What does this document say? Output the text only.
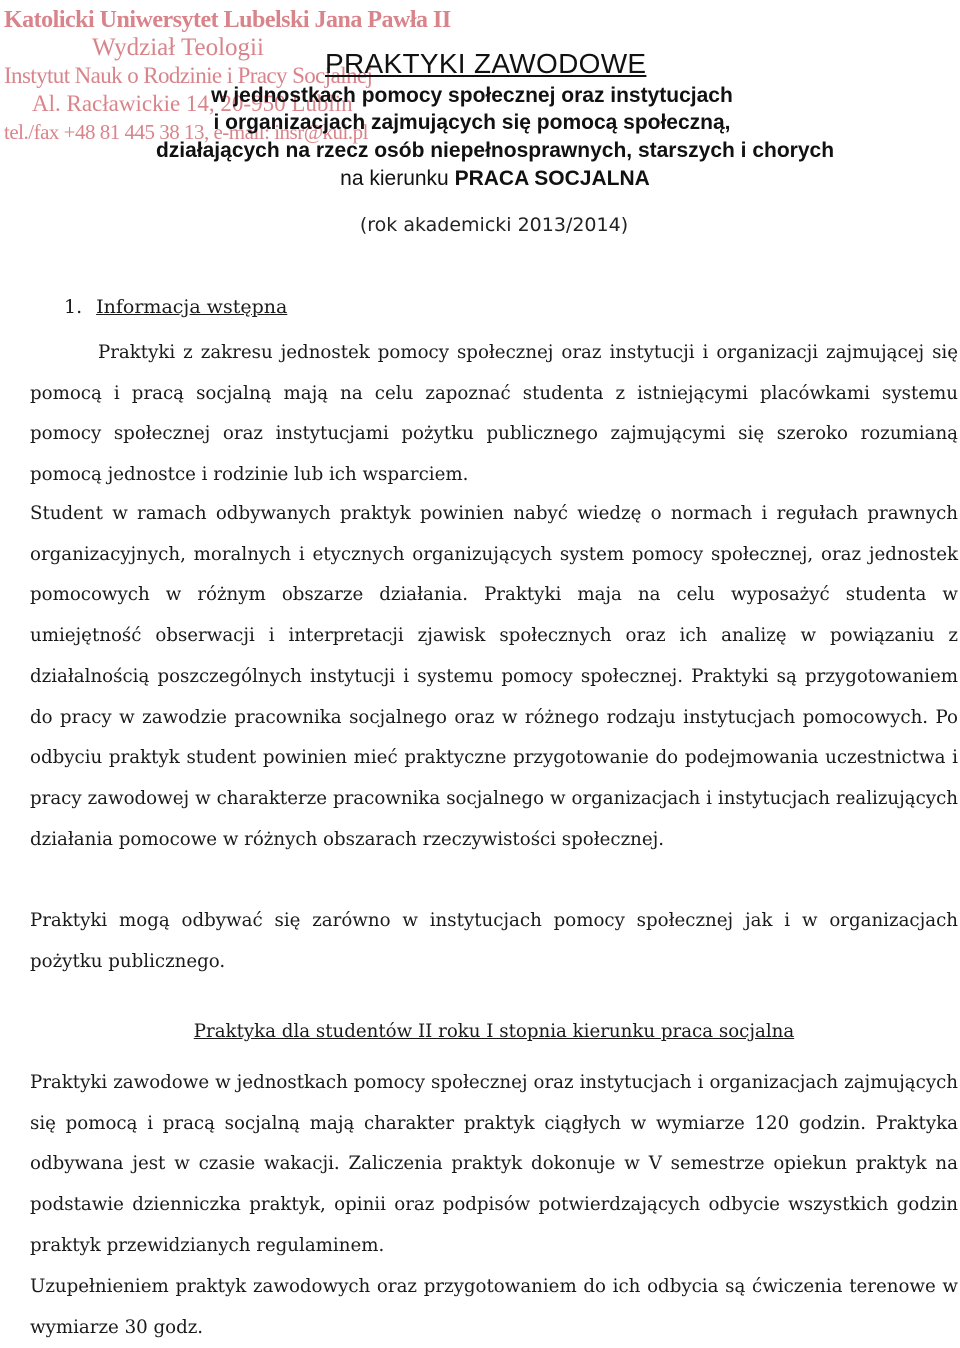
Katolicki Uniwersytet Lubelski Jana Pawła II
Wydział Teologii
Instytut Nauk o Rodzinie i Pracy Socjalnej
Al. Racławickie 14, 20-950 Lublin
tel./fax +48 81 445 38 13, e-mail: insr@kul.pl
PRAKTYKI ZAWODOWE
w jednostkach pomocy społecznej oraz instytucjach
i organizacjach zajmujących się pomocą społeczną,
działających na rzecz osób niepełnosprawnych, starszych i chorych
na kierunku PRACA SOCJALNA
(rok akademicki 2013/2014)
1. Informacja wstępna

Praktyki z zakresu jednostek pomocy społecznej oraz instytucji i organizacji zajmującej się pomocą i pracą socjalną mają na celu zapoznać studenta z istniejącymi placówkami systemu pomocy społecznej oraz instytucjami pożytku publicznego zajmującymi się szeroko rozumianą pomocą jednostce i rodzinie lub ich wsparciem.

Student w ramach odbywanych praktyk powinien nabyć wiedzę o normach i regułach prawnych organizacyjnych, moralnych i etycznych organizujących system pomocy społecznej, oraz jednostek pomocowych w różnym obszarze działania. Praktyki maja na celu wyposażyć studenta w umiejętność obserwacji i interpretacji zjawisk społecznych oraz ich analizę w powiązaniu z działalnością poszczególnych instytucji i systemu pomocy społecznej. Praktyki są przygotowaniem do pracy w zawodzie pracownika socjalnego oraz w różnego rodzaju instytucjach pomocowych. Po odbyciu praktyk student powinien mieć praktyczne przygotowanie do podejmowania uczestnictwa i pracy zawodowej w charakterze pracownika socjalnego w organizacjach i instytucjach realizujących działania pomocowe w różnych obszarach rzeczywistości społecznej.

Praktyki mogą odbywać się zarówno w instytucjach pomocy społecznej jak i w organizacjach pożytku publicznego.

Praktyka dla studentów II roku I stopnia kierunku praca socjalna

Praktyki zawodowe w jednostkach pomocy społecznej oraz instytucjach i organizacjach zajmujących się pomocą i pracą socjalną mają charakter praktyk ciągłych w wymiarze 120 godzin. Praktyka odbywana jest w czasie wakacji. Zaliczenia praktyk dokonuje w V semestrze opiekun praktyk na podstawie dzienniczka praktyk, opinii oraz podpisów potwierdzających odbycie wszystkich godzin praktyk przewidzianych regulaminem.

Uzupełnieniem praktyk zawodowych oraz przygotowaniem do ich odbycia są ćwiczenia terenowe w wymiarze 30 godz.
